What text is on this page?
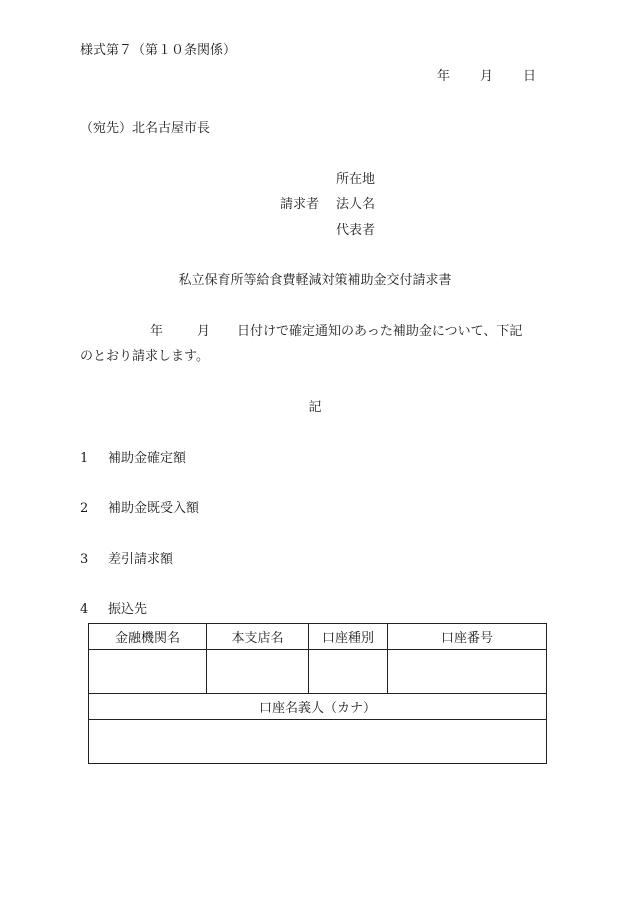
様式第７（第１０条関係）
年 月 日
（宛先）北名古屋市長
請求者
所在地
法人名
代表者
私立保育所等給食費軽減対策補助金交付請求書
年	月 日付けで確定通知のあった補助金について、下記
のとおり請求します。
記
1 補助金確定額
2 補助金既受入額
3 差引請求額
4 振込先
金融機関名	本支店名	口座種別	口座番号

口座名義人（カナ）			
